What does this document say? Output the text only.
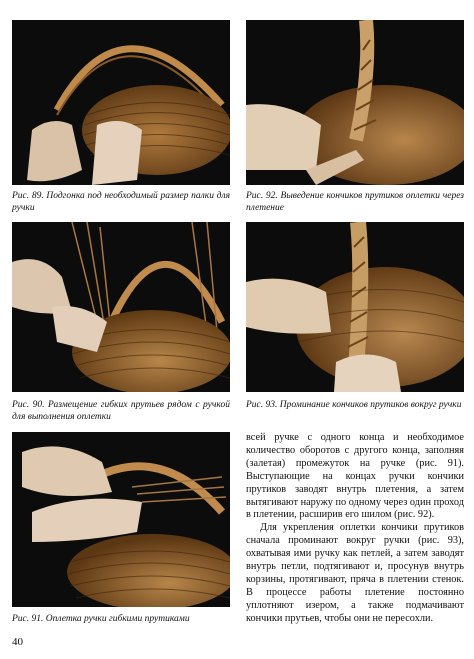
Рис. 89. Подгонка под необходимый размер палки для ручки
Рис. 92. Выведение кончиков прутиков оплетки через плетение
Рис. 90. Размещение гибких прутьев рядом с ручкой для выполнения оплетки
Рис. 93. Проминание кончиков прутиков вокруг ручки
Рис. 91. Оплетка ручки гибкими прутиками

всей ручке с одного конца и необходимое количество оборотов с другого конца, заполняя (залетая) промежуток на ручке (рис. 91). Выступающие на концах ручки кончики прутиков заводят внутрь плетения, а затем вытягивают наружу по одному через один проход в плетении, расширив его шилом (рис. 92).

Для укрепления оплетки кончики прутиков сначала проминают вокруг ручки (рис. 93), охватывая ими ручку как петлей, а затем заводят внутрь петли, подтягивают и, просунув внутрь корзины, протягивают, пряча в плетении стенок. В процессе работы плетение постоянно уплотняют изером, а также подмачивают кончики прутьев, чтобы они не пересохли.

40
